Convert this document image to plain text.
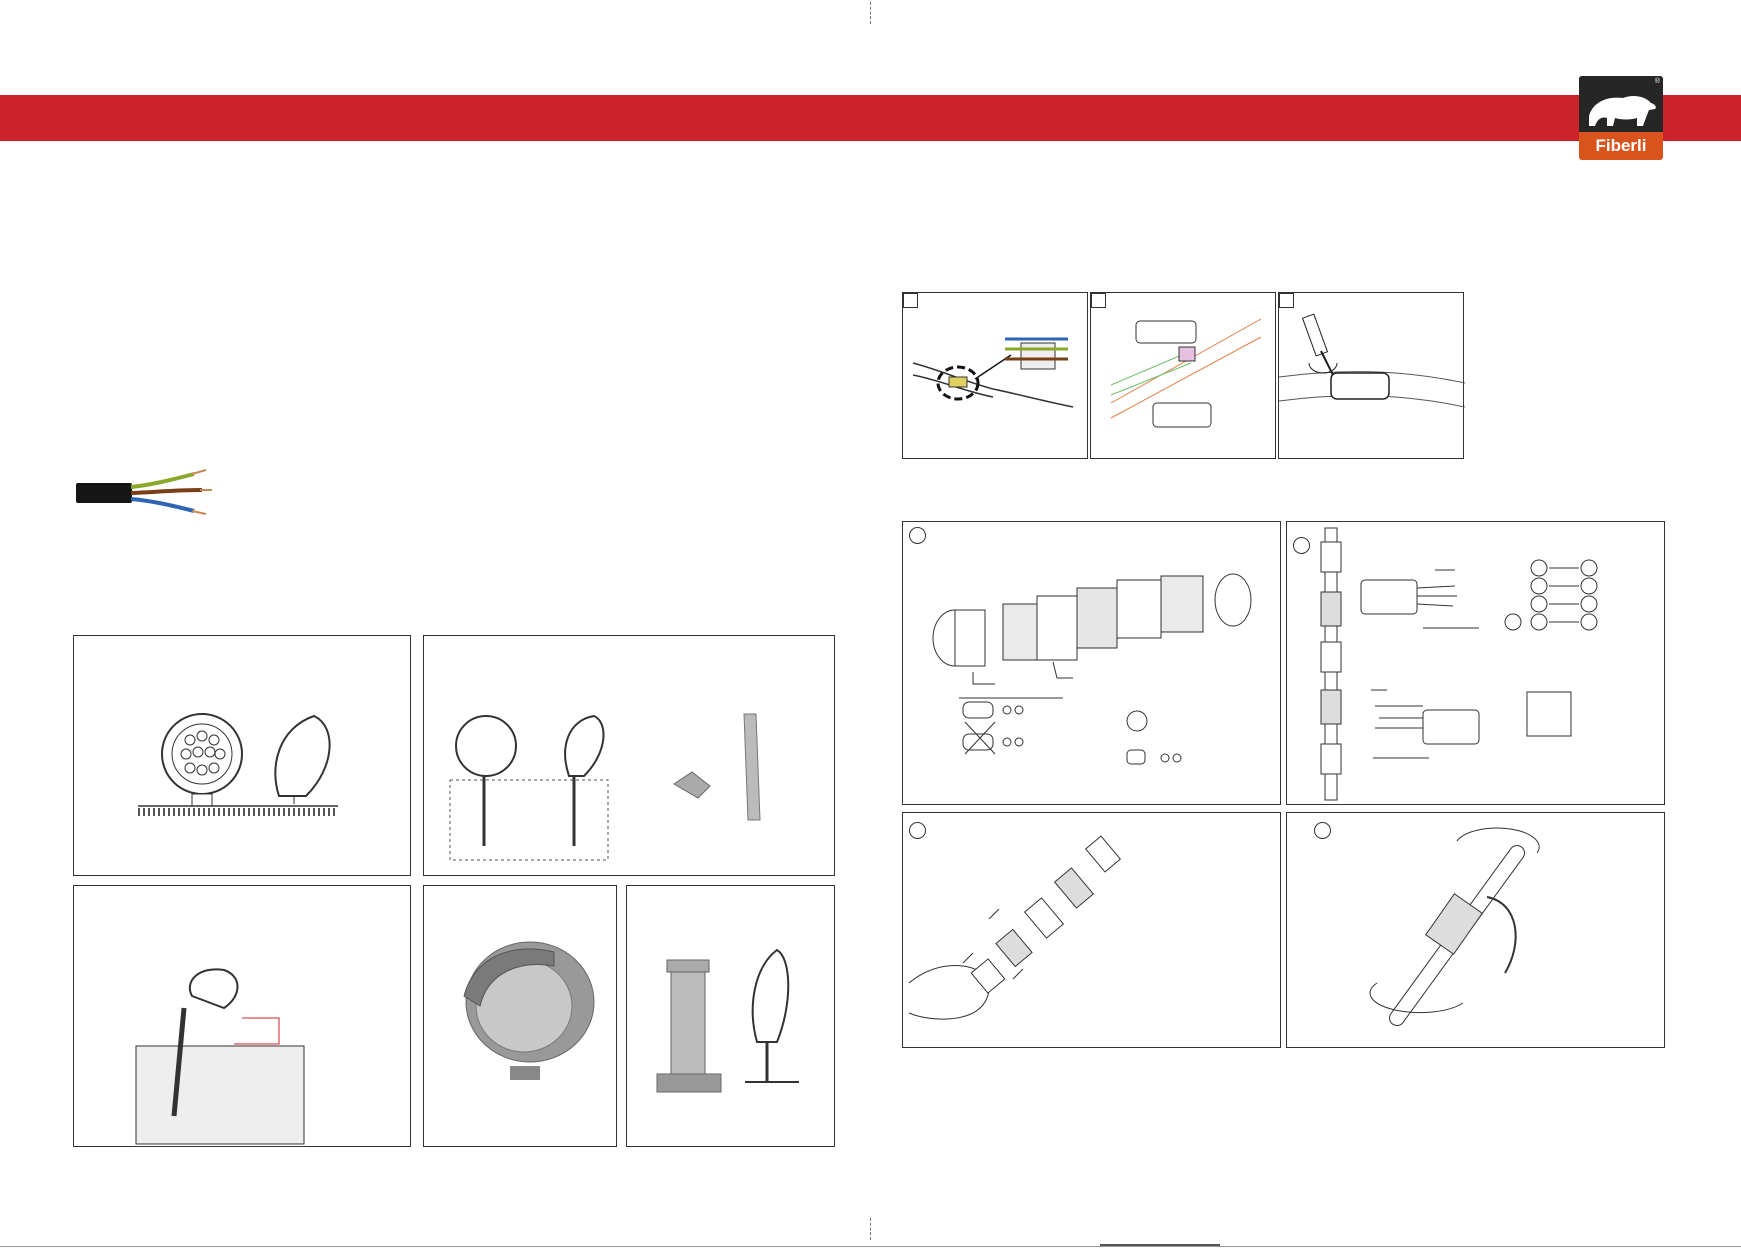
®
Fiberli
